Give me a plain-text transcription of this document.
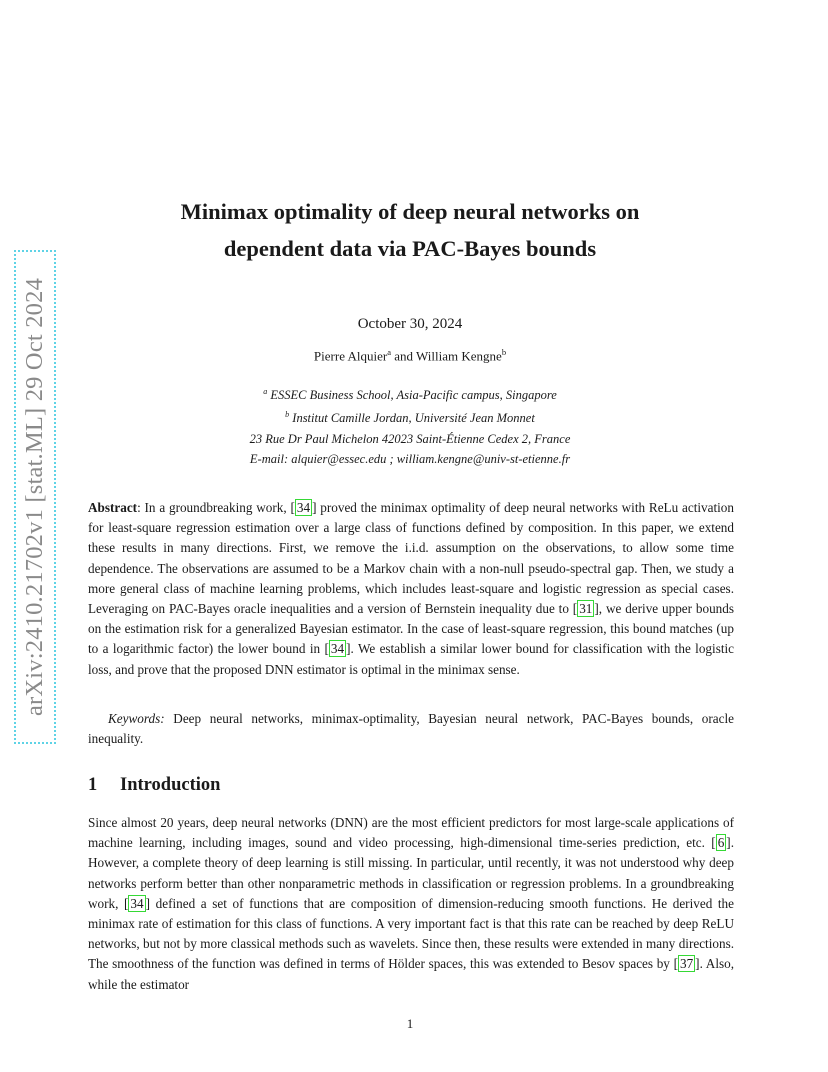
arXiv:2410.21702v1 [stat.ML] 29 Oct 2024
Minimax optimality of deep neural networks on
dependent data via PAC-Bayes bounds
October 30, 2024
Pierre Alquier$^a$ and William Kengne$^b$
$^a$ ESSEC Business School, Asia-Pacific campus, Singapore
$^b$ Institut Camille Jordan, Université Jean Monnet
23 Rue Dr Paul Michelon 42023 Saint-Étienne Cedex 2, France
E-mail: alquier@essec.edu ; william.kengne@univ-st-etienne.fr
Abstract: In a groundbreaking work, [ 34 ] proved the minimax optimality of deep neural networks with ReLu activation for least-square regression estimation over a large class of functions defined by composition. In this paper, we extend these results in many directions. First, we remove the i.i.d. assumption on the observations, to allow some time dependence. The observations are assumed to be a Markov chain with a non-null pseudo-spectral gap. Then, we study a more general class of machine learning problems, which includes least-square and logistic regression as special cases. Leveraging on PAC-Bayes oracle inequalities and a version of Bernstein inequality due to [ 31 ], we derive upper bounds on the estimation risk for a generalized Bayesian estimator. In the case of least-square regression, this bound matches (up to a logarithmic factor) the lower bound in [ 34 ]. We establish a similar lower bound for classification with the logistic loss, and prove that the proposed DNN estimator is optimal in the minimax sense.
Keywords: Deep neural networks, minimax-optimality, Bayesian neural network, PAC-Bayes bounds, oracle inequality.
1 Introduction
Since almost 20 years, deep neural networks (DNN) are the most efficient predictors for most large-scale applications of machine learning, including images, sound and video processing, high-dimensional time-series prediction, etc. [ 6 ]. However, a complete theory of deep learning is still missing. In particular, until recently, it was not understood why deep networks perform better than other nonparametric methods in classification or regression problems. In a groundbreaking work, [ 34 ] defined a set of functions that are composition of dimension-reducing smooth functions. He derived the minimax rate of estimation for this class of functions. A very important fact is that this rate can be reached by deep ReLU networks, but not by more classical methods such as wavelets. Since then, these results were extended in many directions. The smoothness of the function was defined in terms of Hölder spaces, this was extended to Besov spaces by [ 37 ]. Also, while the estimator
1
